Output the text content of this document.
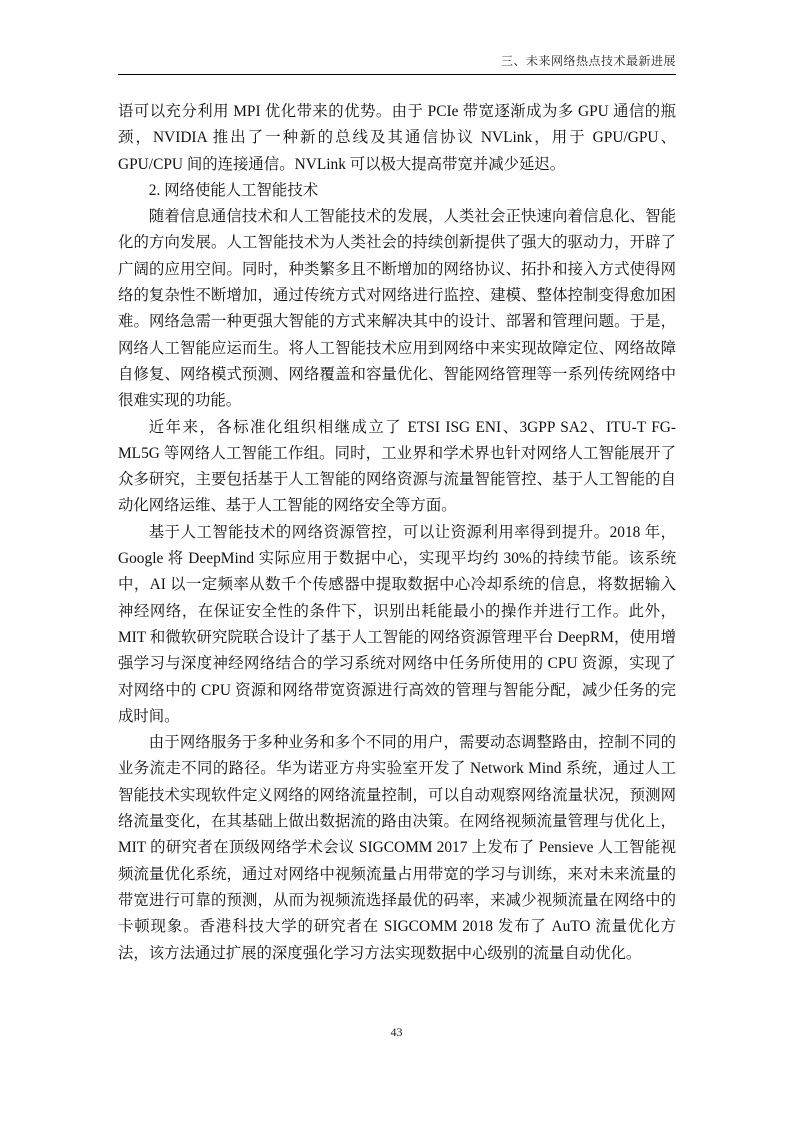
三、未来网络热点技术最新进展

语可以充分利用 MPI 优化带来的优势。由于 PCIe 带宽逐渐成为多 GPU 通信的瓶颈，NVIDIA 推出了一种新的总线及其通信协议 NVLink，用于 GPU/GPU、GPU/CPU 间的连接通信。NVLink 可以极大提高带宽并减少延迟。

2. 网络使能人工智能技术

随着信息通信技术和人工智能技术的发展，人类社会正快速向着信息化、智能化的方向发展。人工智能技术为人类社会的持续创新提供了强大的驱动力，开辟了广阔的应用空间。同时，种类繁多且不断增加的网络协议、拓扑和接入方式使得网络的复杂性不断增加，通过传统方式对网络进行监控、建模、整体控制变得愈加困难。网络急需一种更强大智能的方式来解决其中的设计、部署和管理问题。于是，网络人工智能应运而生。将人工智能技术应用到网络中来实现故障定位、网络故障自修复、网络模式预测、网络覆盖和容量优化、智能网络管理等一系列传统网络中很难实现的功能。

近年来，各标准化组织相继成立了 ETSI ISG ENI、3GPP SA2、ITU-T FG-ML5G 等网络人工智能工作组。同时，工业界和学术界也针对网络人工智能展开了众多研究，主要包括基于人工智能的网络资源与流量智能管控、基于人工智能的自动化网络运维、基于人工智能的网络安全等方面。

基于人工智能技术的网络资源管控，可以让资源利用率得到提升。2018 年，Google 将 DeepMind 实际应用于数据中心，实现平均约 30%的持续节能。该系统中，AI 以一定频率从数千个传感器中提取数据中心冷却系统的信息，将数据输入神经网络，在保证安全性的条件下，识别出耗能最小的操作并进行工作。此外，MIT 和微软研究院联合设计了基于人工智能的网络资源管理平台 DeepRM，使用增强学习与深度神经网络结合的学习系统对网络中任务所使用的 CPU 资源，实现了对网络中的 CPU 资源和网络带宽资源进行高效的管理与智能分配，减少任务的完成时间。

由于网络服务于多种业务和多个不同的用户，需要动态调整路由，控制不同的业务流走不同的路径。华为诺亚方舟实验室开发了 Network Mind 系统，通过人工智能技术实现软件定义网络的网络流量控制，可以自动观察网络流量状况，预测网络流量变化，在其基础上做出数据流的路由决策。在网络视频流量管理与优化上，MIT 的研究者在顶级网络学术会议 SIGCOMM 2017 上发布了 Pensieve 人工智能视频流量优化系统，通过对网络中视频流量占用带宽的学习与训练，来对未来流量的带宽进行可靠的预测，从而为视频流选择最优的码率，来减少视频流量在网络中的卡顿现象。香港科技大学的研究者在 SIGCOMM 2018 发布了 AuTO 流量优化方法，该方法通过扩展的深度强化学习方法实现数据中心级别的流量自动优化。

43
